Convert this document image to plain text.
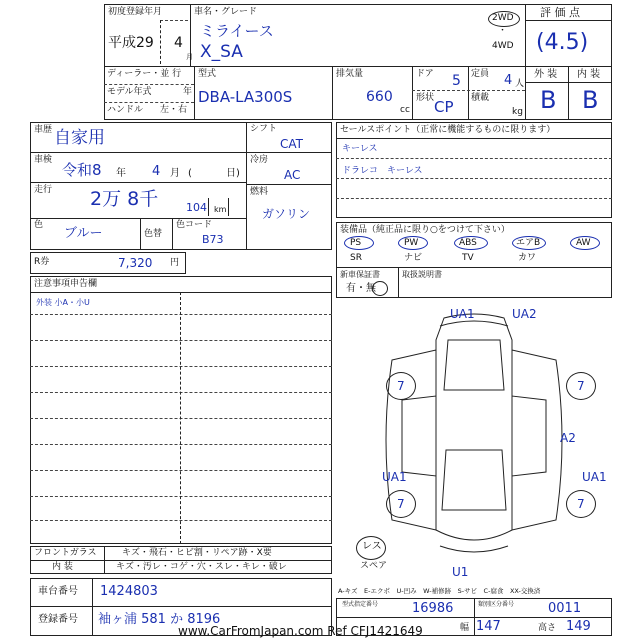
初度登録年月
平成29 4
月
車名・グレード
ミライース
X_SA
2WD
・
4WD
評 価 点
(4.5)
外 装 内 装
B B
ディーラー・並 行
モデル年式	年
ハンドル 左・右
型式
DBA-LA300S
排気量
660
cc
ドア 5 定員 4 人
形状 CP 積載
kg
車歴 自家用
車検
令和8 年 4 月 (	日)
走行 2万 8千	104 km
色
ブルー	色替
色コード
B73
シフト
CAT
冷房
AC
燃料
ガソリン
R券	7,320 円
セールスポイント（正常に機能するものに限ります）
キーレス
ドラレコ　キーレス
装備品（純正品に限り○をつけて下さい）
PS	PW	ABS	エアB	AW
SR	ナビ	TV	カワ
新車保証書
有・無
取扱説明書
注意事項申告欄
外装 小A・小U
UA1	UA2
7	7
A2
UA1	UA1
7	7
U1
レス
スペア
フロントガラス	キズ・飛石・ヒビ割・リペア跡・X要
内 装	キズ・汚レ・コゲ・穴・スレ・キレ・破レ
車台番号 1424803
登録番号 袖ヶ浦 581 か 8196
A-キズ　E-エクボ　U-凹み　W-補修跡　S-サビ　C-腐食　XX-交換済
型式指定番号	16986	類別区分番号	0011
幅 147	高さ 149
www.CarFromJapan.com Ref CFJ1421649
